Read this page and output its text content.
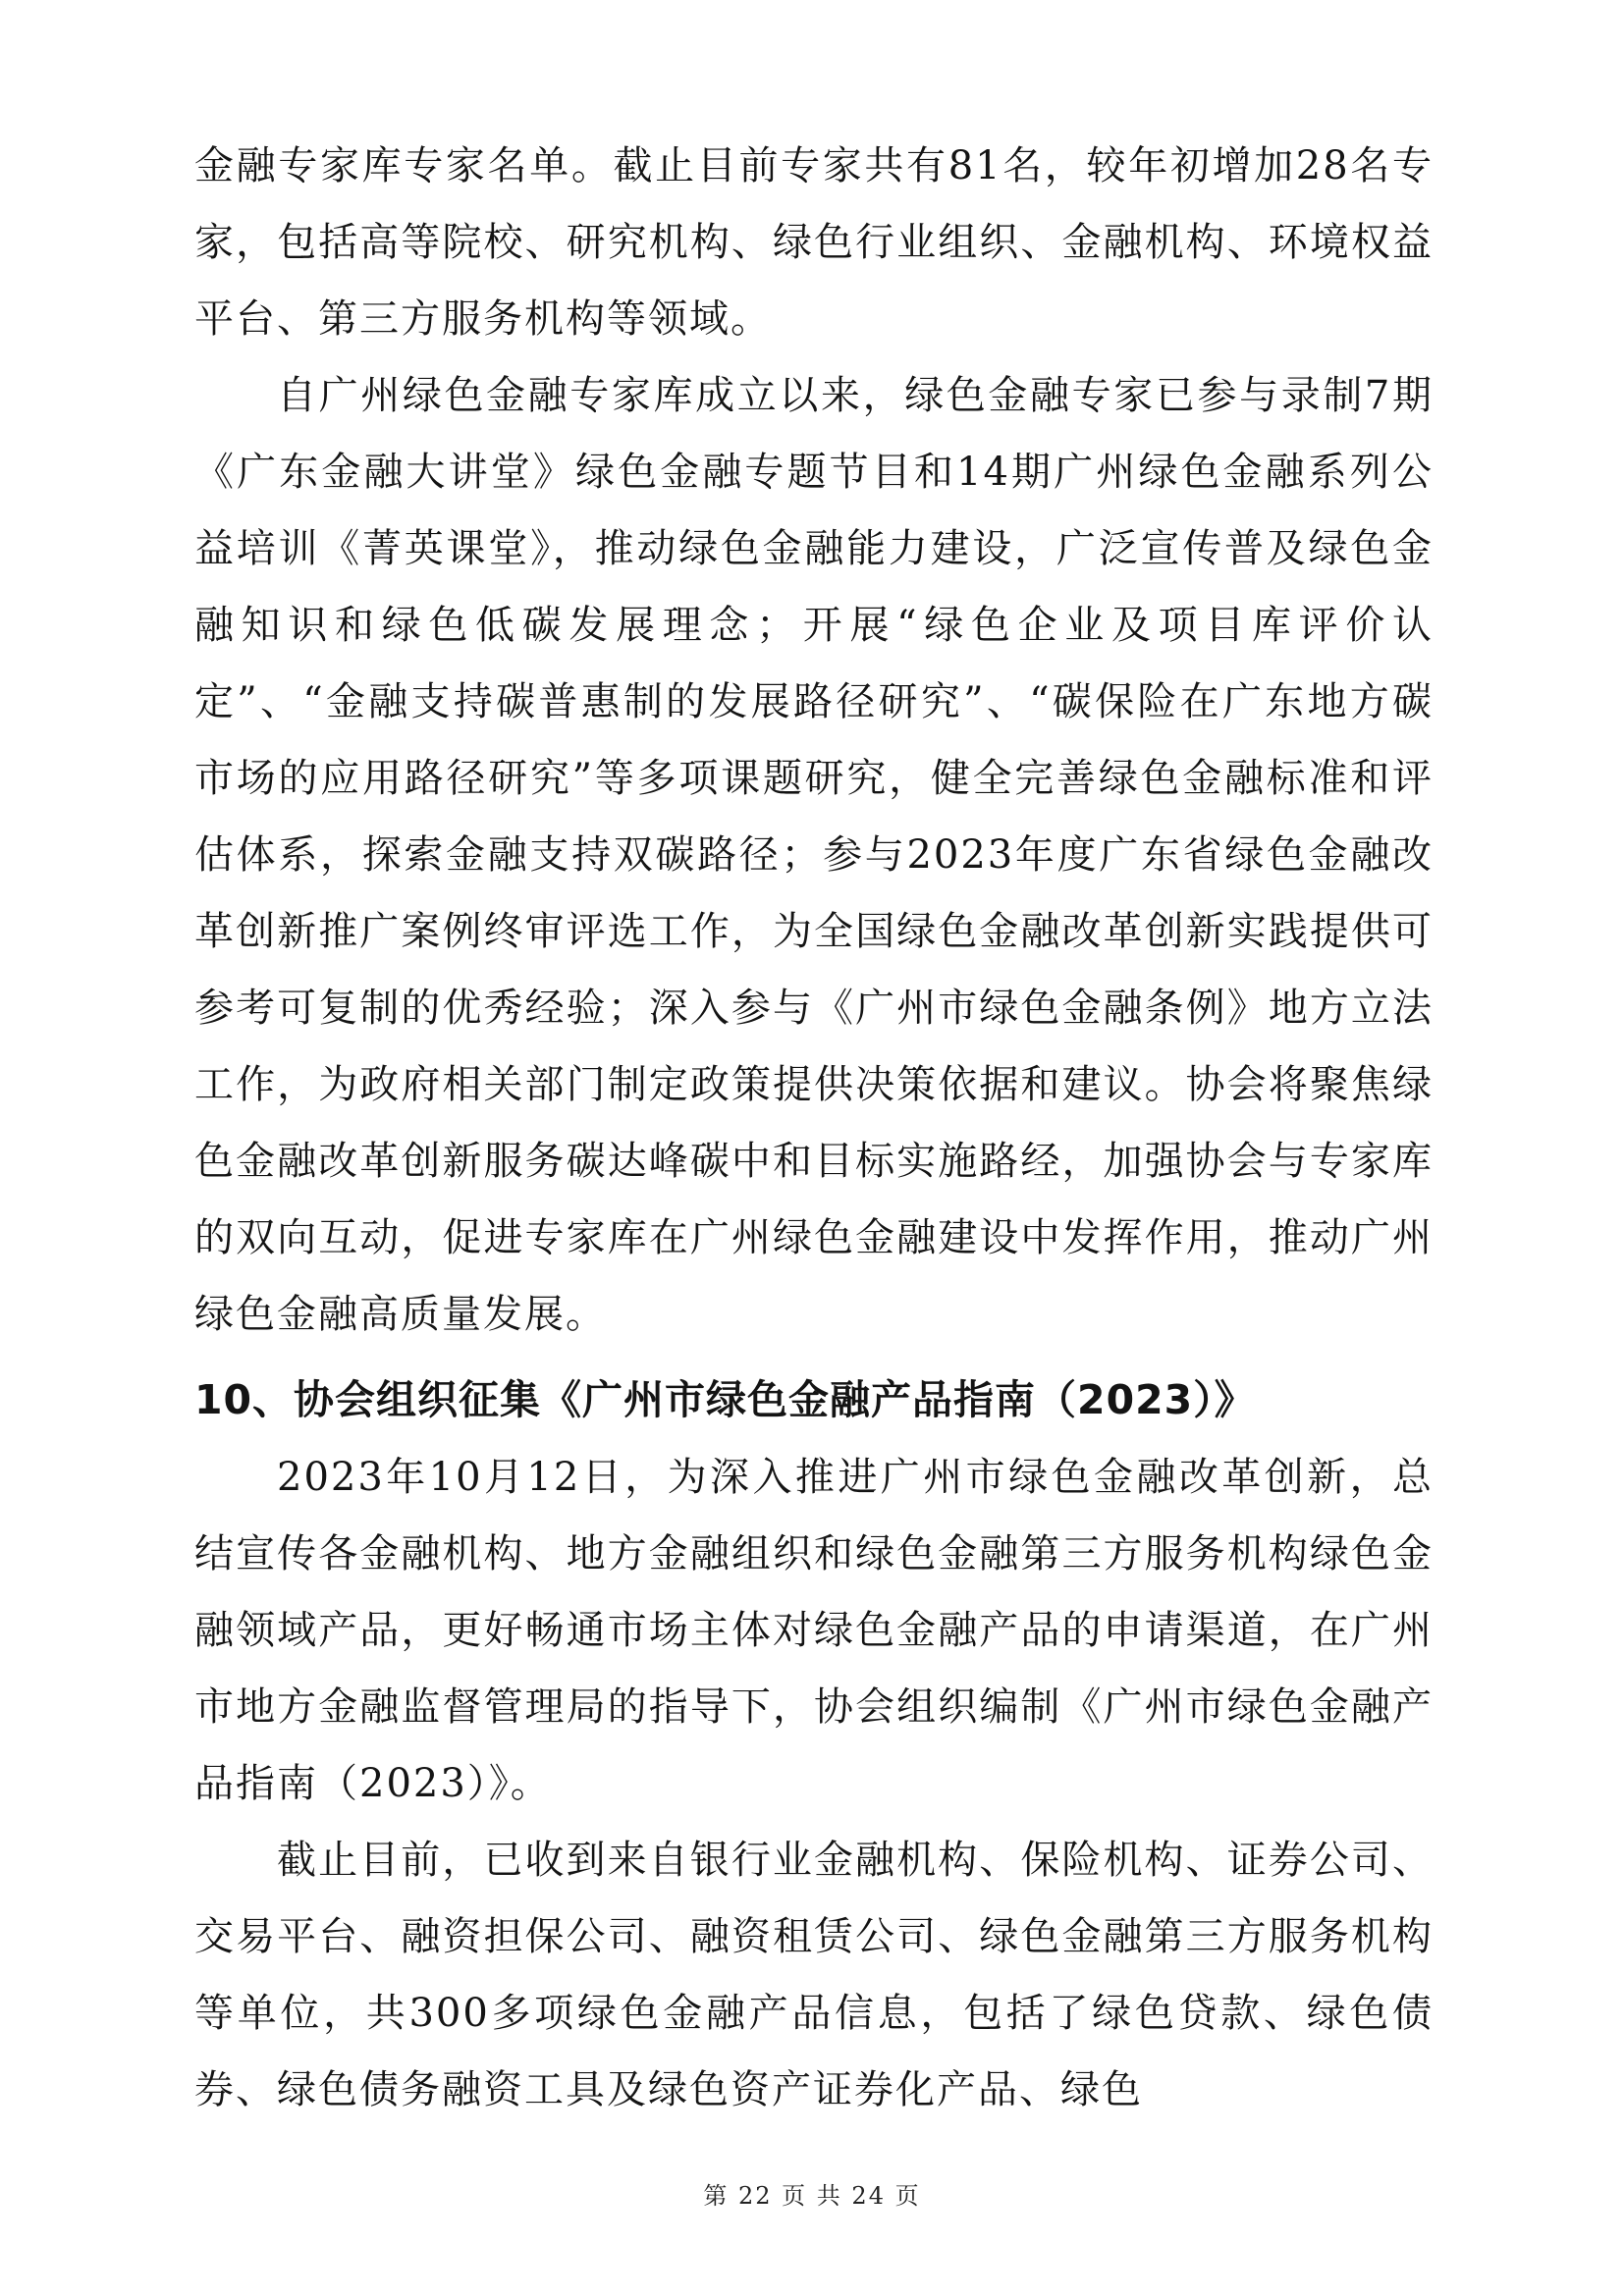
金融专家库专家名单。截止目前专家共有81名，较年初增加28名专家，包括高等院校、研究机构、绿色行业组织、金融机构、环境权益平台、第三方服务机构等领域。

自广州绿色金融专家库成立以来，绿色金融专家已参与录制7期《广东金融大讲堂》绿色金融专题节目和14期广州绿色金融系列公益培训《菁英课堂》，推动绿色金融能力建设，广泛宣传普及绿色金融知识和绿色低碳发展理念；开展“绿色企业及项目库评价认定”、“金融支持碳普惠制的发展路径研究”、“碳保险在广东地方碳市场的应用路径研究”等多项课题研究，健全完善绿色金融标准和评估体系，探索金融支持双碳路径；参与2023年度广东省绿色金融改革创新推广案例终审评选工作，为全国绿色金融改革创新实践提供可参考可复制的优秀经验；深入参与《广州市绿色金融条例》地方立法工作，为政府相关部门制定政策提供决策依据和建议。协会将聚焦绿色金融改革创新服务碳达峰碳中和目标实施路经，加强协会与专家库的双向互动，促进专家库在广州绿色金融建设中发挥作用，推动广州绿色金融高质量发展。

10、协会组织征集《广州市绿色金融产品指南（2023）》

2023年10月12日，为深入推进广州市绿色金融改革创新，总结宣传各金融机构、地方金融组织和绿色金融第三方服务机构绿色金融领域产品，更好畅通市场主体对绿色金融产品的申请渠道，在广州市地方金融监督管理局的指导下，协会组织编制《广州市绿色金融产品指南（2023）》。

截止目前，已收到来自银行业金融机构、保险机构、证券公司、交易平台、融资担保公司、融资租赁公司、绿色金融第三方服务机构等单位，共300多项绿色金融产品信息，包括了绿色贷款、绿色债券、绿色债务融资工具及绿色资产证券化产品、绿色

第 22 页 共 24 页
